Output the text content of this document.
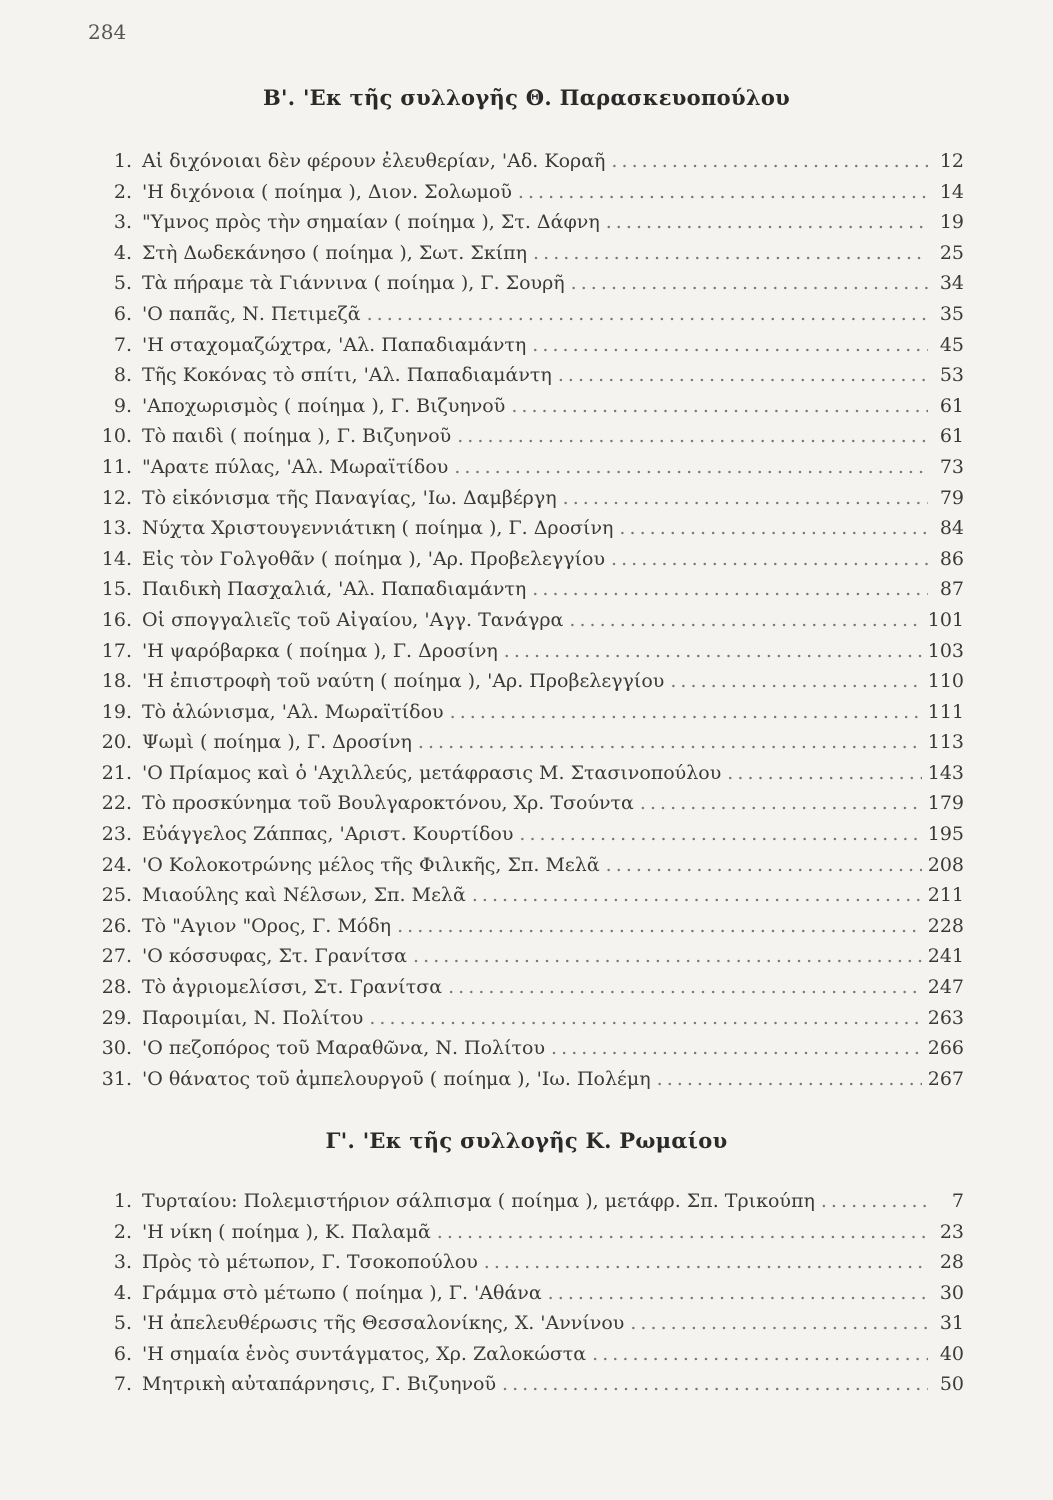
284
Β'. 'Εκ τῆς συλλογῆς Θ. Παρασκευοπούλου
1. Αἱ διχόνοιαι δὲν φέρουν ἐλευθερίαν, 'Αδ. Κοραῆ . . .	12
2. 'Η διχόνοια ( ποίημα ), Διον. Σολωμοῦ . . .	14
3. "Υμνος πρὸς τὴν σημαίαν ( ποίημα ), Στ. Δάφνη . . .	19
4. Στὴ Δωδεκάνησο ( ποίημα ), Σωτ. Σκίπη . . .	25
5. Τὰ πήραμε τὰ Γιάννινα ( ποίημα ), Γ. Σουρῆ . . .	34
6. 'Ο παπᾶς, Ν. Πετιμεζᾶ . . .	35
7. 'Η σταχομαζώχτρα, 'Αλ. Παπαδιαμάντη . . .	45
8. Τῆς Κοκόνας τὸ σπίτι, 'Αλ. Παπαδιαμάντη . . .	53
9. 'Αποχωρισμὸς ( ποίημα ), Γ. Βιζυηνοῦ . . .	61
10. Τὸ παιδὶ ( ποίημα ), Γ. Βιζυηνοῦ . . .	61
11. "Αρατε πύλας, 'Αλ. Μωραϊτίδου . . .	73
12. Τὸ εἰκόνισμα τῆς Παναγίας, 'Ιω. Δαμβέργη . . .	79
13. Νύχτα Χριστουγεννιάτικη ( ποίημα ), Γ. Δροσίνη . . .	84
14. Εἰς τὸν Γολγοθᾶν ( ποίημα ), 'Αρ. Προβελεγγίου . . .	86
15. Παιδικὴ Πασχαλιά, 'Αλ. Παπαδιαμάντη . . .	87
16. Οἱ σπογγαλιεῖς τοῦ Αἰγαίου, 'Αγγ. Τανάγρα . . .	101
17. 'Η ψαρόβαρκα ( ποίημα ), Γ. Δροσίνη . . .	103
18. 'Η ἐπιστροφὴ τοῦ ναύτη ( ποίημα ), 'Αρ. Προβελεγγίου . . .	110
19. Τὸ ἁλώνισμα, 'Αλ. Μωραϊτίδου . . .	111
20. Ψωμὶ ( ποίημα ), Γ. Δροσίνη . . .	113
21. 'Ο Πρίαμος καὶ ὁ 'Αχιλλεύς, μετάφρασις Μ. Στασινοπούλου . . .	143
22. Τὸ προσκύνημα τοῦ Βουλγαροκτόνου, Χρ. Τσούντα . . .	179
23. Εὐάγγελος Ζάππας, 'Αριστ. Κουρτίδου . . .	195
24. 'Ο Κολοκοτρώνης μέλος τῆς Φιλικῆς, Σπ. Μελᾶ . . .	208
25. Μιαούλης καὶ Νέλσων, Σπ. Μελᾶ . . .	211
26. Τὸ "Αγιον "Ορος, Γ. Μόδη . . .	228
27. 'Ο κόσσυφας, Στ. Γρανίτσα . . .	241
28. Τὸ ἀγριομελίσσι, Στ. Γρανίτσα . . .	247
29. Παροιμίαι, Ν. Πολίτου . . .	263
30. 'Ο πεζοπόρος τοῦ Μαραθῶνα, Ν. Πολίτου . . .	266
31. 'Ο θάνατος τοῦ ἀμπελουργοῦ ( ποίημα ), 'Ιω. Πολέμη . . .	267
Γ'. 'Εκ τῆς συλλογῆς Κ. Ρωμαίου
1. Τυρταίου: Πολεμιστήριον σάλπισμα ( ποίημα ), μετάφρ. Σπ. Τρικούπη . . .	7
2. 'Η νίκη ( ποίημα ), Κ. Παλαμᾶ . . .	23
3. Πρὸς τὸ μέτωπον, Γ. Τσοκοπούλου . . .	28
4. Γράμμα στὸ μέτωπο ( ποίημα ), Γ. 'Αθάνα . . .	30
5. 'Η ἀπελευθέρωσις τῆς Θεσσαλονίκης, Χ. 'Αννίνου . . .	31
6. 'Η σημαία ἑνὸς συντάγματος, Χρ. Ζαλοκώστα . . .	40
7. Μητρικὴ αὐταπάρνησις, Γ. Βιζυηνοῦ . . .	50
